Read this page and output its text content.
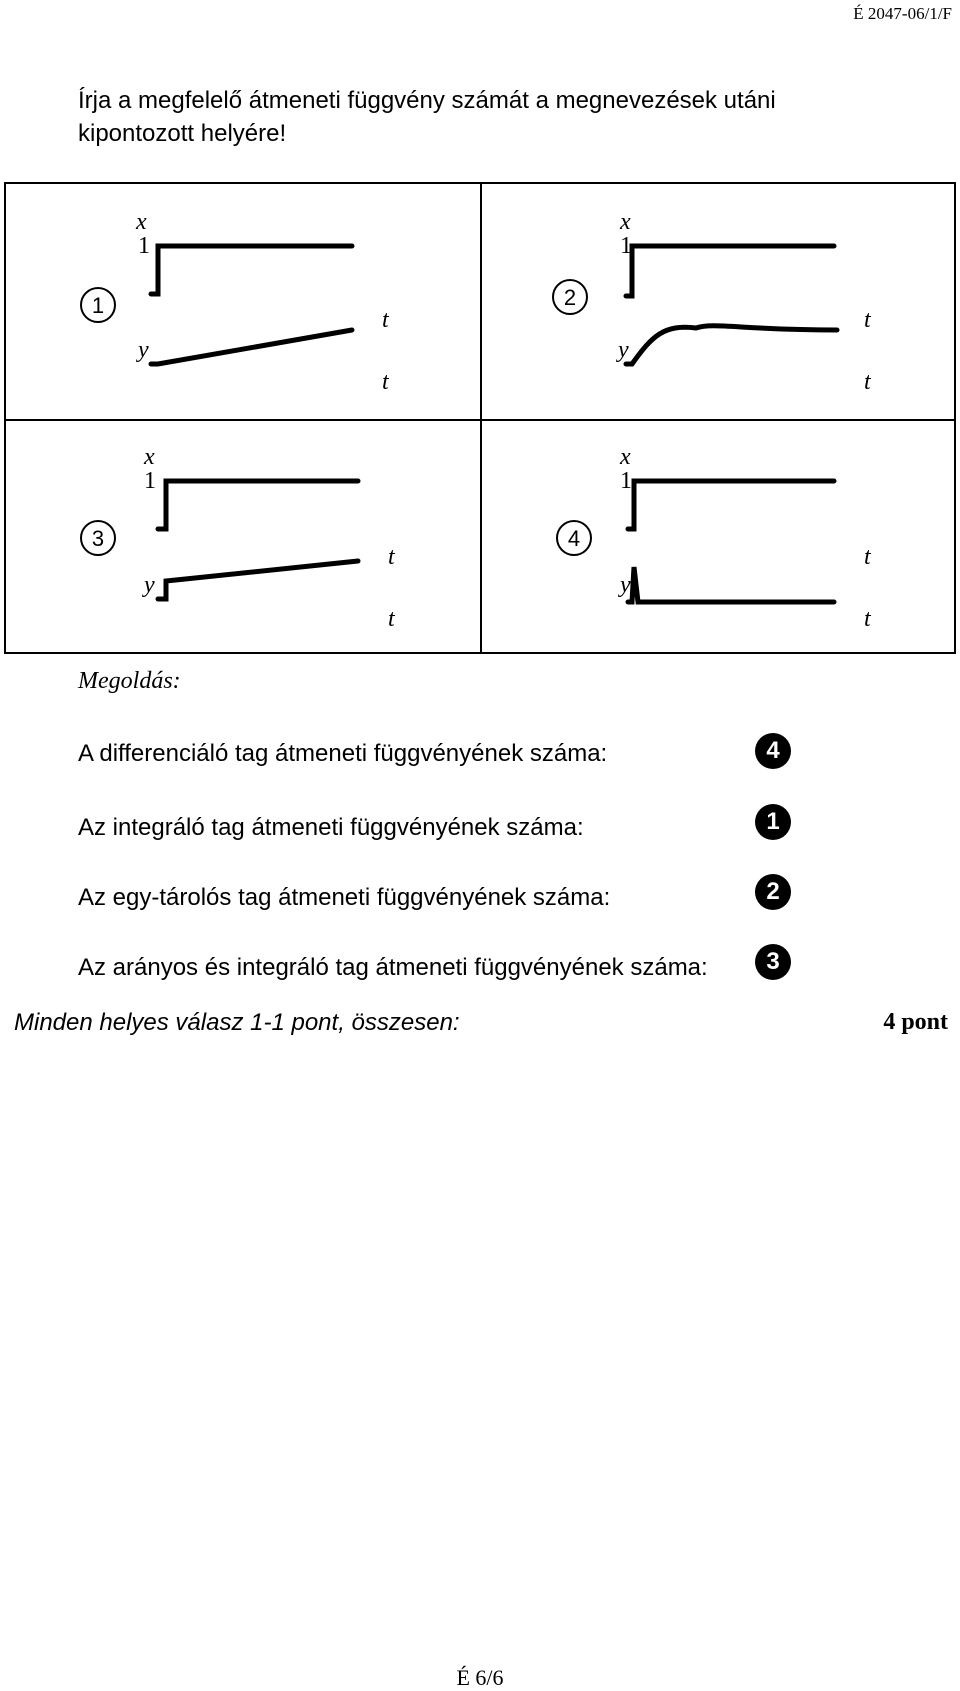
É 2047-06/1/F
Írja a megfelelő átmeneti függvény számát a megnevezések utáni kipontozott helyére!
1
x
1
y
t
t
2
x
1
y
t
t
3
x
1
y
t
t
4
x
1
y
t
t
Megoldás:
A differenciáló tag átmeneti függvényének száma:	4
Az integráló tag átmeneti függvényének száma:	1
Az egy-tárolós tag átmeneti függvényének száma:	2
Az arányos és integráló tag átmeneti függvényének száma:	3
Minden helyes válasz 1-1 pont, összesen:	4 pont
É 6/6
